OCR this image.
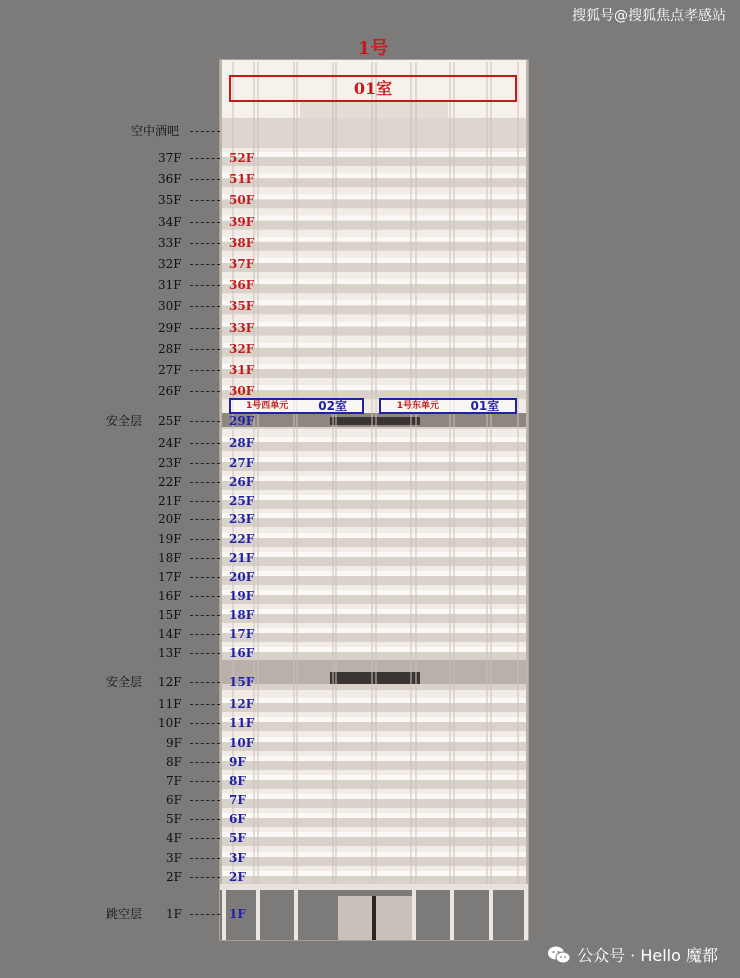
搜狐号@搜狐焦点孝感站
1号
01室
空中酒吧
37F	52F
36F	51F
35F	50F
34F	39F
33F	38F
32F	37F
31F	36F
30F	35F
29F	33F
28F	32F
27F	31F
26F	30F
1号西单元	02室	1号东单元	01室
安全层 25F	29F
24F	28F
23F	27F
22F	26F
21F	25F
20F	23F
19F	22F
18F	21F
17F	20F
16F	19F
15F	18F
14F	17F
13F	16F
安全层 12F	15F
11F	12F
10F	11F
9F	10F
8F	9F
7F	8F
6F	7F
5F	6F
4F	5F
3F	3F
2F	2F
跳空层 1F	1F
公众号 · Hello 魔都
